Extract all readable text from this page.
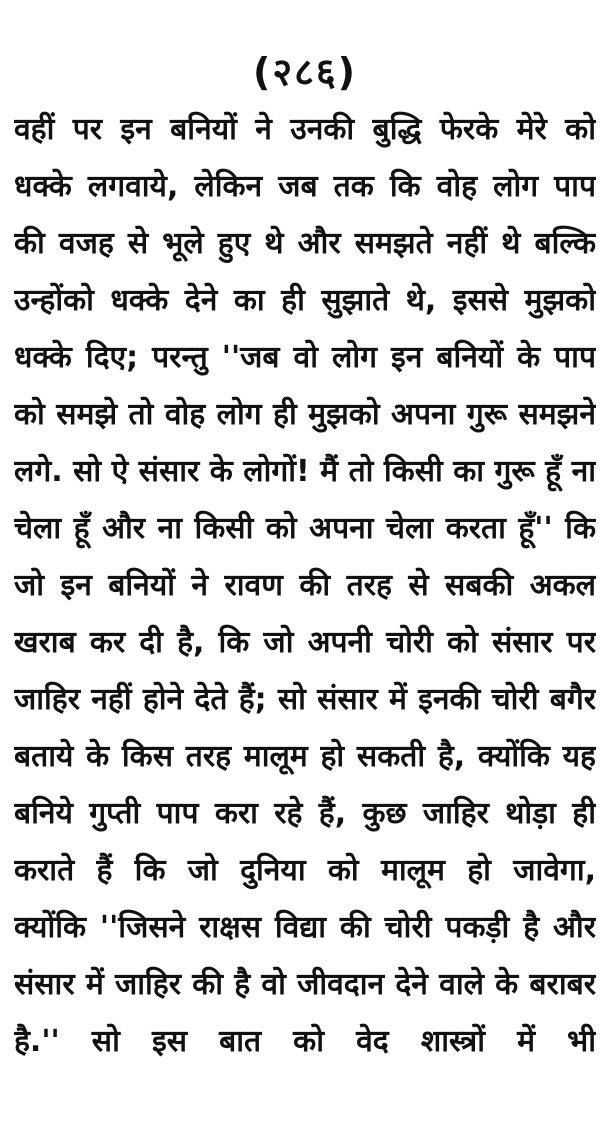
(२८६)
वहीं पर इन बनियों ने उनकी बुद्धि फेरके मेरे को
धक्के लगवाये, लेकिन जब तक कि वोह लोग पाप
की वजह से भूले हुए थे और समझते नहीं थे बल्कि
उन्होंको धक्के देने का ही सुझाते थे, इससे मुझको
धक्के दिए; परन्तु ''जब वो लोग इन बनियों के पाप
को समझे तो वोह लोग ही मुझको अपना गुरू समझने
लगे. सो ऐ संसार के लोगों! मैं तो किसी का गुरू हूँ ना
चेला हूँ और ना किसी को अपना चेला करता हूँ'' कि
जो इन बनियों ने रावण की तरह से सबकी अकल
खराब कर दी है, कि जो अपनी चोरी को संसार पर
जाहिर नहीं होने देते हैं; सो संसार में इनकी चोरी बगैर
बताये के किस तरह मालूम हो सकती है, क्योंकि यह
बनिये गुप्ती पाप करा रहे हैं, कुछ जाहिर थोड़ा ही
कराते हैं कि जो दुनिया को मालूम हो जावेगा,
क्योंकि ''जिसने राक्षस विद्या की चोरी पकड़ी है और
संसार में जाहिर की है वो जीवदान देने वाले के बराबर
है.'' सो इस बात को वेद शास्त्रों में भी
